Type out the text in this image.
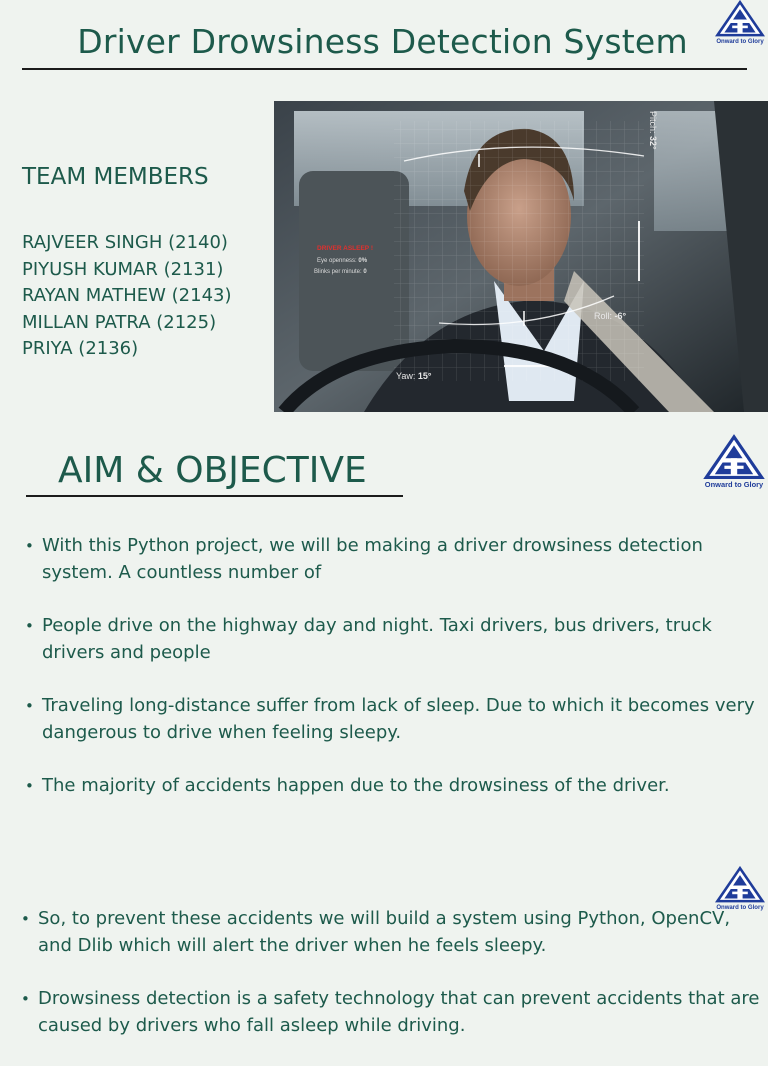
Driver Drowsiness Detection System	Onward to Glory
TEAM MEMBERS
RAJVEER SINGH (2140)
PIYUSH KUMAR (2131)
RAYAN MATHEW (2143)
MILLAN PATRA (2125)
PRIYA (2136)
DRIVER ASLEEP !
Eye openness: 0%
Blinks per minute: 0
Pitch: 32°
Roll: -6°
Yaw: 15°
AIM & OBJECTIVE	Onward to Glory
• With this Python project, we will be making a driver drowsiness detection system. A countless number of
• People drive on the highway day and night. Taxi drivers, bus drivers, truck drivers and people
• Traveling long-distance suffer from lack of sleep. Due to which it becomes very dangerous to drive when feeling sleepy.
• The majority of accidents happen due to the drowsiness of the driver.
Onward to Glory
• So, to prevent these accidents we will build a system using Python, OpenCV, and Dlib which will alert the driver when he feels sleepy.
• Drowsiness detection is a safety technology that can prevent accidents that are caused by drivers who fall asleep while driving.
